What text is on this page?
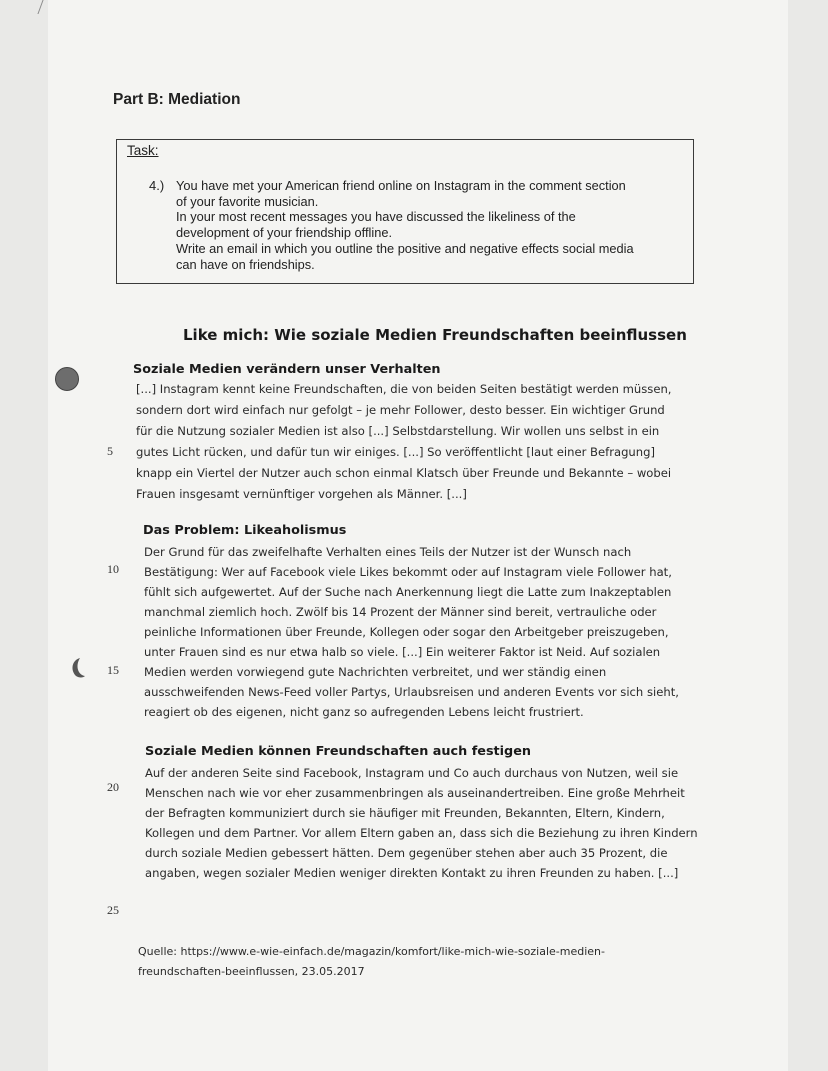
Part B: Mediation
Task:
4.) You have met your American friend online on Instagram in the comment section
of your favorite musician.
In your most recent messages you have discussed the likeliness of the
development of your friendship offline.
Write an email in which you outline the positive and negative effects social media
can have on friendships.
Like mich: Wie soziale Medien Freundschaften beeinflussen
Soziale Medien verändern unser Verhalten
[...] Instagram kennt keine Freundschaften, die von beiden Seiten bestätigt werden müssen,
sondern dort wird einfach nur gefolgt – je mehr Follower, desto besser. Ein wichtiger Grund
für die Nutzung sozialer Medien ist also [...] Selbstdarstellung. Wir wollen uns selbst in ein
gutes Licht rücken, und dafür tun wir einiges. [...] So veröffentlicht [laut einer Befragung]
knapp ein Viertel der Nutzer auch schon einmal Klatsch über Freunde und Bekannte – wobei
Frauen insgesamt vernünftiger vorgehen als Männer. [...]
Das Problem: Likeaholismus
Der Grund für das zweifelhafte Verhalten eines Teils der Nutzer ist der Wunsch nach
Bestätigung: Wer auf Facebook viele Likes bekommt oder auf Instagram viele Follower hat,
fühlt sich aufgewertet. Auf der Suche nach Anerkennung liegt die Latte zum Inakzeptablen
manchmal ziemlich hoch. Zwölf bis 14 Prozent der Männer sind bereit, vertrauliche oder
peinliche Informationen über Freunde, Kollegen oder sogar den Arbeitgeber preiszugeben,
unter Frauen sind es nur etwa halb so viele. [...] Ein weiterer Faktor ist Neid. Auf sozialen
Medien werden vorwiegend gute Nachrichten verbreitet, und wer ständig einen
ausschweifenden News-Feed voller Partys, Urlaubsreisen und anderen Events vor sich sieht,
reagiert ob des eigenen, nicht ganz so aufregenden Lebens leicht frustriert.
Soziale Medien können Freundschaften auch festigen
Auf der anderen Seite sind Facebook, Instagram und Co auch durchaus von Nutzen, weil sie
Menschen nach wie vor eher zusammenbringen als auseinandertreiben. Eine große Mehrheit
der Befragten kommuniziert durch sie häufiger mit Freunden, Bekannten, Eltern, Kindern,
Kollegen und dem Partner. Vor allem Eltern gaben an, dass sich die Beziehung zu ihren Kindern
durch soziale Medien gebessert hätten. Dem gegenüber stehen aber auch 35 Prozent, die
angaben, wegen sozialer Medien weniger direkten Kontakt zu ihren Freunden zu haben. [...]
5
10
15
20
25
Quelle: https://www.e-wie-einfach.de/magazin/komfort/like-mich-wie-soziale-medien-
freundschaften-beeinflussen, 23.05.2017
